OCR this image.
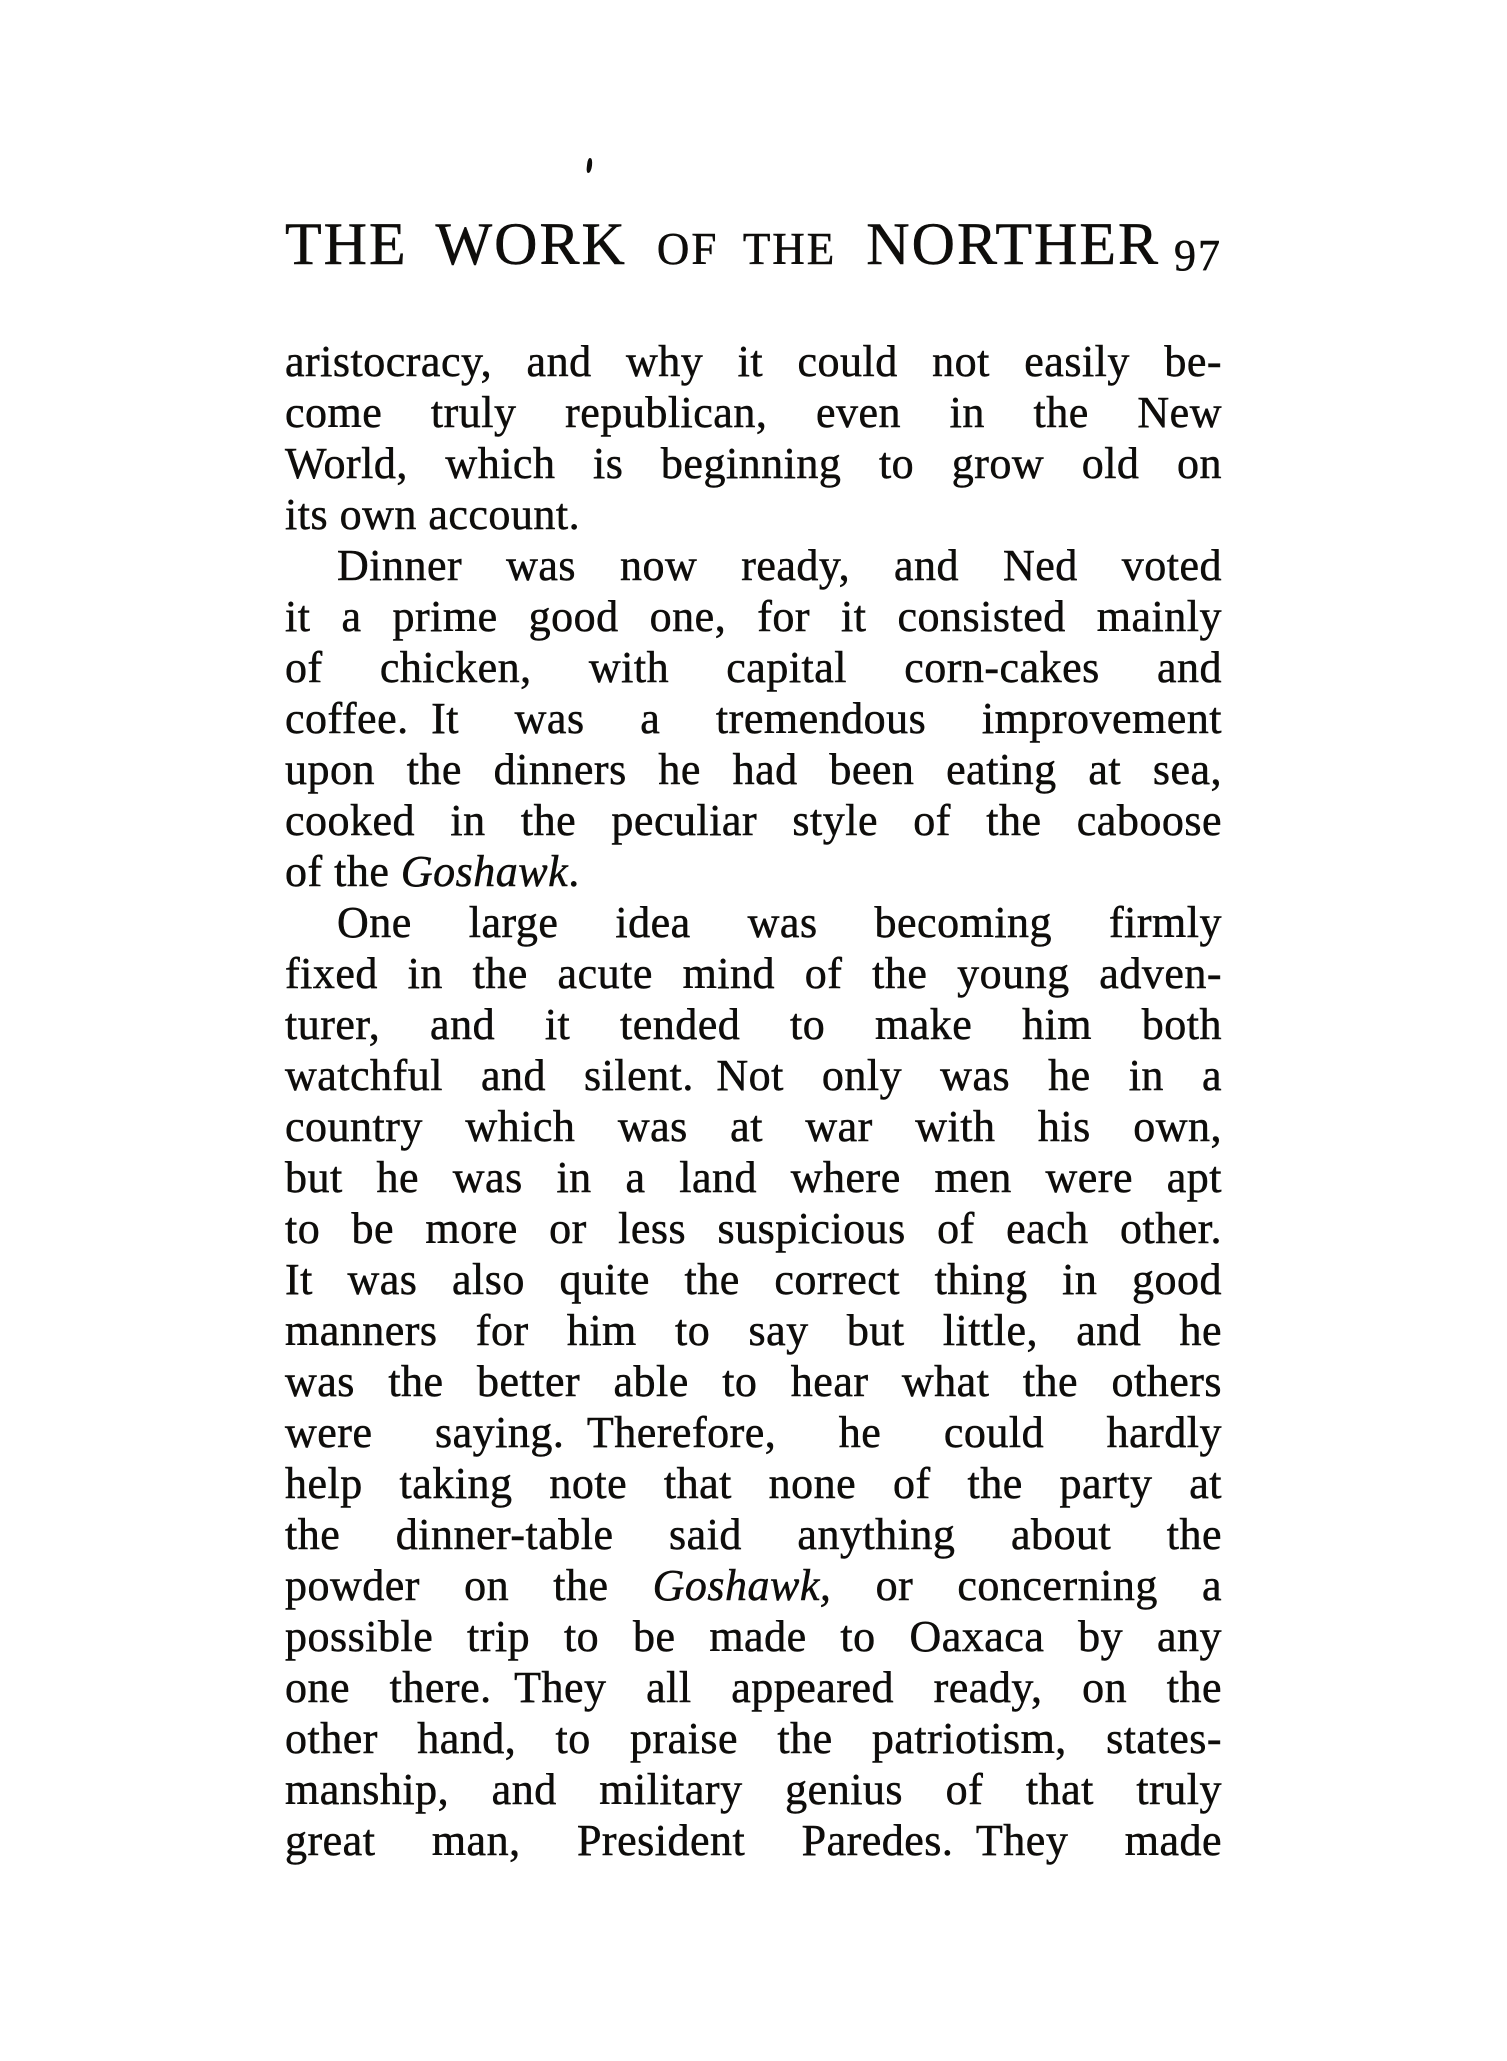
THE WORK OF THE NORTHER 97
aristocracy, and why it could not easily be-
come truly republican, even in the New
World, which is beginning to grow old on
its own account.
Dinner was now ready, and Ned voted
it a prime good one, for it consisted mainly
of chicken, with capital corn-cakes and
coffee. It was a tremendous improvement
upon the dinners he had been eating at sea,
cooked in the peculiar style of the caboose
of the Goshawk.
One large idea was becoming firmly
fixed in the acute mind of the young adven-
turer, and it tended to make him both
watchful and silent. Not only was he in a
country which was at war with his own,
but he was in a land where men were apt
to be more or less suspicious of each other.
It was also quite the correct thing in good
manners for him to say but little, and he
was the better able to hear what the others
were saying. Therefore, he could hardly
help taking note that none of the party at
the dinner-table said anything about the
powder on the Goshawk, or concerning a
possible trip to be made to Oaxaca by any
one there. They all appeared ready, on the
other hand, to praise the patriotism, states-
manship, and military genius of that truly
great man, President Paredes. They made
